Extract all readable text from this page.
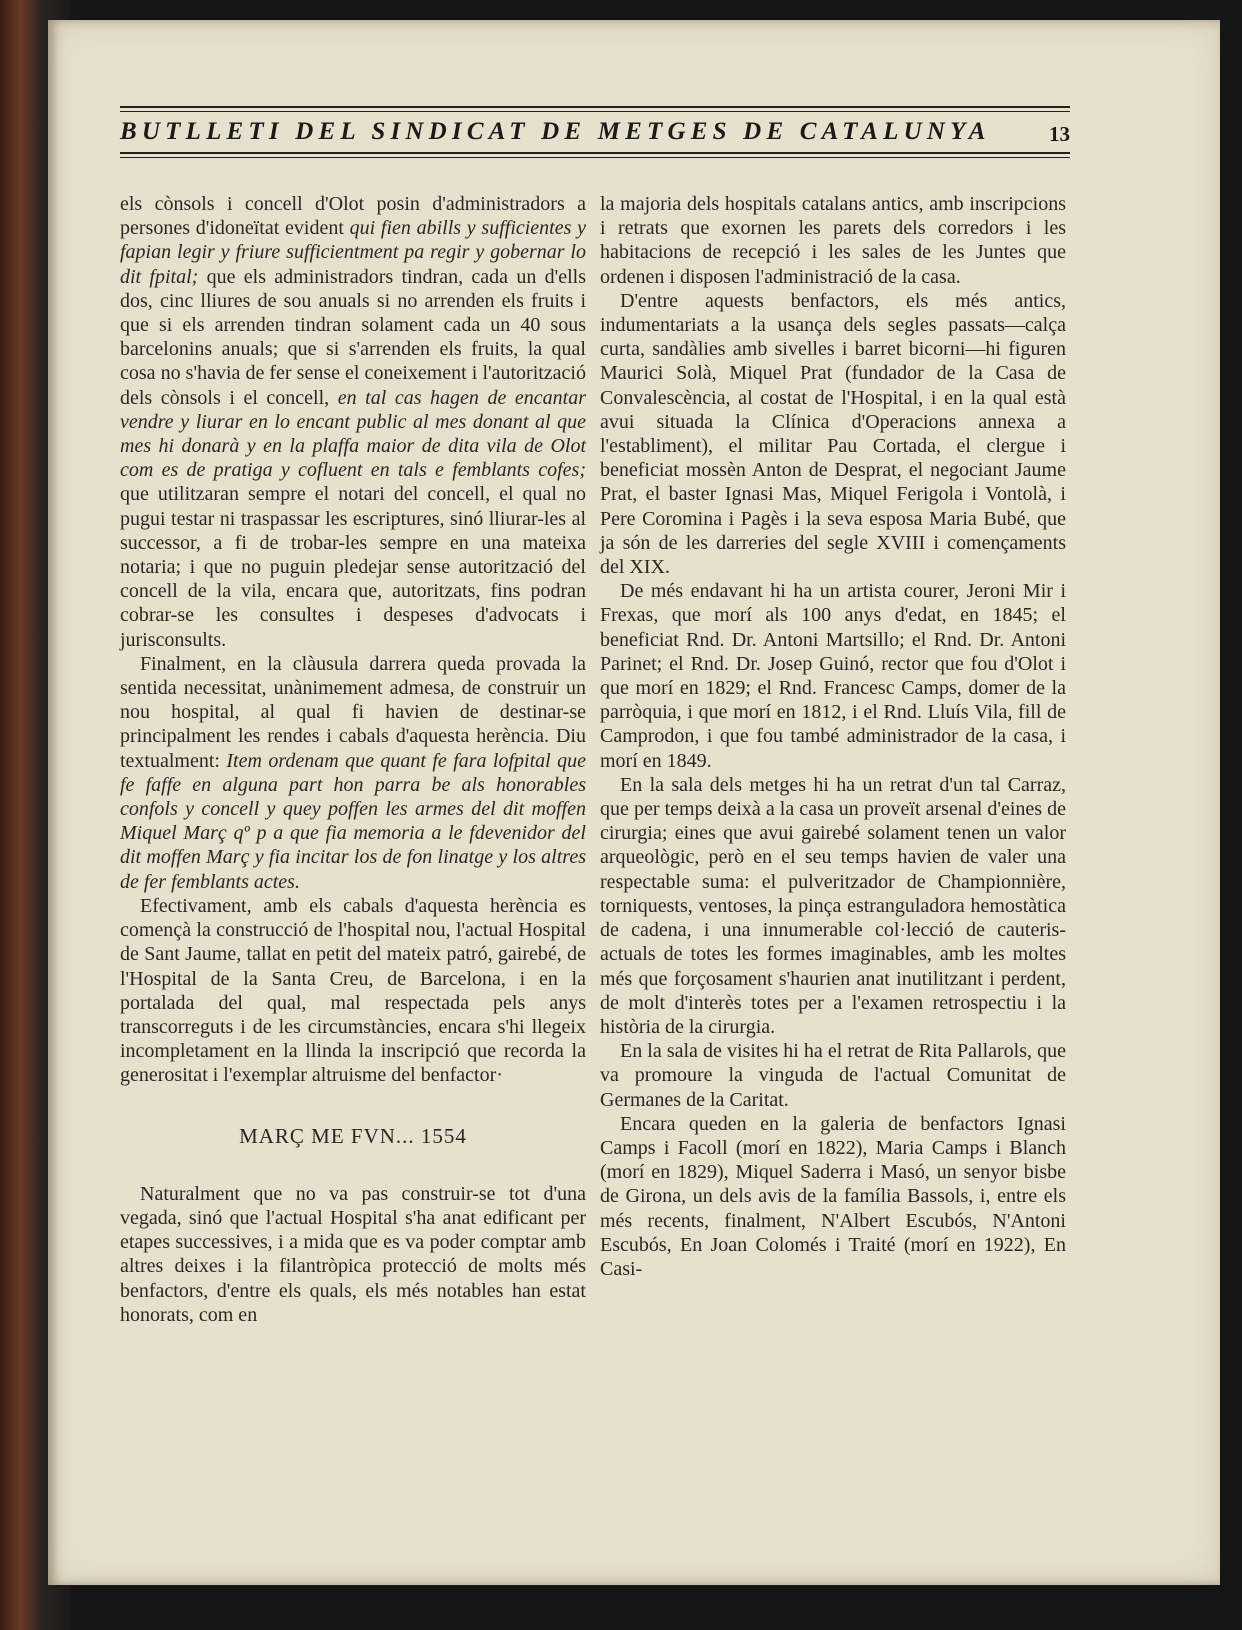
BUTLLETI DEL SINDICAT DE METGES DE CATALUNYA	13

els cònsols i concell d'Olot posin d'administradors a persones d'idoneïtat evident qui fien abills y sufficientes y fapian legir y friure sufficientment pa regir y gobernar lo dit fpital; que els administradors tindran, cada un d'ells dos, cinc lliures de sou anuals si no arrenden els fruits i que si els arrenden tindran solament cada un 40 sous barcelonins anuals; que si s'arrenden els fruits, la qual cosa no s'havia de fer sense el coneixement i l'autorització dels cònsols i el concell, en tal cas hagen de encantar vendre y liurar en lo encant public al mes donant al que mes hi donarà y en la plaffa maior de dita vila de Olot com es de pratiga y cofluent en tals e femblants cofes; que utilitzaran sempre el notari del concell, el qual no pugui testar ni traspassar les escriptures, sinó lliurar-les al successor, a fi de trobar-les sempre en una mateixa notaria; i que no puguin pledejar sense autorització del concell de la vila, encara que, autoritzats, fins podran cobrar-se les consultes i despeses d'advocats i jurisconsults.

Finalment, en la clàusula darrera queda provada la sentida necessitat, unànimement admesa, de construir un nou hospital, al qual fi havien de destinar-se principalment les rendes i cabals d'aquesta herència. Diu textualment: Item ordenam que quant fe fara lofpital que fe faffe en alguna part hon parra be als honorables confols y concell y quey poffen les armes del dit moffen Miquel Març qº p a que fia memoria a le fdevenidor del dit moffen Març y fia incitar los de fon linatge y los altres de fer femblants actes.

Efectivament, amb els cabals d'aquesta herència es començà la construcció de l'hospital nou, l'actual Hospital de Sant Jaume, tallat en petit del mateix patró, gairebé, de l'Hospital de la Santa Creu, de Barcelona, i en la portalada del qual, mal respectada pels anys transcorreguts i de les circumstàncies, encara s'hi llegeix incompletament en la llinda la inscripció que recorda la generositat i l'exemplar altruisme del benfactor·

MARÇ ME FVN... 1554

Naturalment que no va pas construir-se tot d'una vegada, sinó que l'actual Hospital s'ha anat edificant per etapes successives, i a mida que es va poder comptar amb altres deixes i la filantròpica protecció de molts més benfactors, d'entre els quals, els més notables han estat honorats, com en

la majoria dels hospitals catalans antics, amb inscripcions i retrats que exornen les parets dels corredors i les habitacions de recepció i les sales de les Juntes que ordenen i disposen l'administració de la casa.

D'entre aquests benfactors, els més antics, indumentariats a la usança dels segles passats—calça curta, sandàlies amb sivelles i barret bicorni—hi figuren Maurici Solà, Miquel Prat (fundador de la Casa de Convalescència, al costat de l'Hospital, i en la qual està avui situada la Clínica d'Operacions annexa a l'establiment), el militar Pau Cortada, el clergue i beneficiat mossèn Anton de Desprat, el negociant Jaume Prat, el baster Ignasi Mas, Miquel Ferigola i Vontolà, i Pere Coromina i Pagès i la seva esposa Maria Bubé, que ja són de les darreries del segle XVIII i començaments del XIX.

De més endavant hi ha un artista courer, Jeroni Mir i Frexas, que morí als 100 anys d'edat, en 1845; el beneficiat Rnd. Dr. Antoni Martsillo; el Rnd. Dr. Antoni Parinet; el Rnd. Dr. Josep Guinó, rector que fou d'Olot i que morí en 1829; el Rnd. Francesc Camps, domer de la parròquia, i que morí en 1812, i el Rnd. Lluís Vila, fill de Camprodon, i que fou també administrador de la casa, i morí en 1849.

En la sala dels metges hi ha un retrat d'un tal Carraz, que per temps deixà a la casa un proveït arsenal d'eines de cirurgia; eines que avui gairebé solament tenen un valor arqueològic, però en el seu temps havien de valer una respectable suma: el pulveritzador de Championnière, torniquests, ventoses, la pinça estranguladora hemostàtica de cadena, i una innumerable col·lecció de cauteris-actuals de totes les formes imaginables, amb les moltes més que forçosament s'haurien anat inutilitzant i perdent, de molt d'interès totes per a l'examen retrospectiu i la història de la cirurgia.

En la sala de visites hi ha el retrat de Rita Pallarols, que va promoure la vinguda de l'actual Comunitat de Germanes de la Caritat.

Encara queden en la galeria de benfactors Ignasi Camps i Facoll (morí en 1822), Maria Camps i Blanch (morí en 1829), Miquel Saderra i Masó, un senyor bisbe de Girona, un dels avis de la família Bassols, i, entre els més recents, finalment, N'Albert Escubós, N'Antoni Escubós, En Joan Colomés i Traité (morí en 1922), En Casi-
